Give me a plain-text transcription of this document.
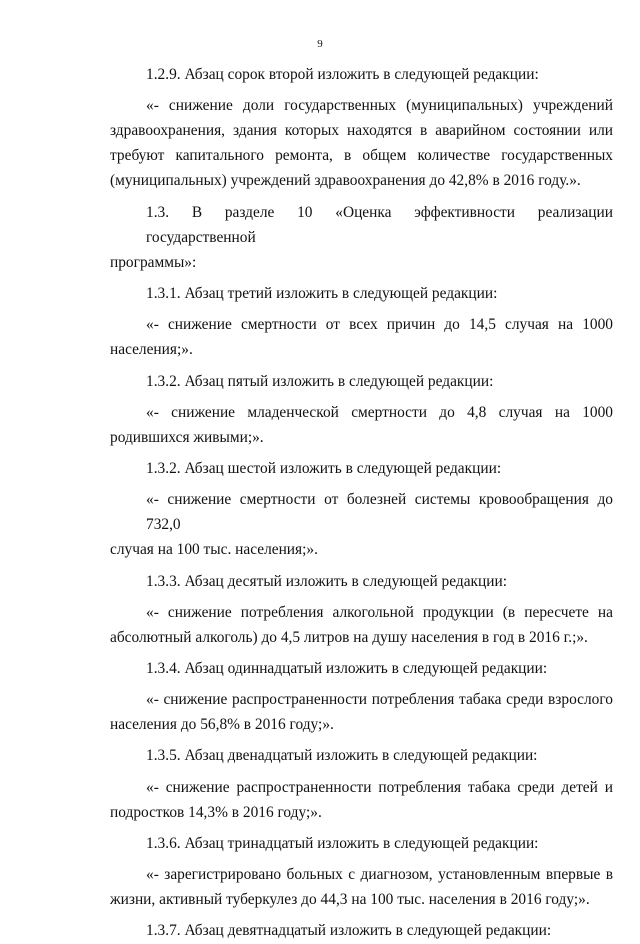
9
1.2.9. Абзац сорок второй изложить в следующей редакции:
«- снижение доли государственных (муниципальных) учреждений
здравоохранения, здания которых находятся в аварийном состоянии или
требуют капитального ремонта, в общем количестве государственных
(муниципальных) учреждений здравоохранения до 42,8% в 2016 году.».
1.3. В разделе 10 «Оценка эффективности реализации государственной
программы»:
1.3.1. Абзац третий изложить в следующей редакции:
«- снижение смертности от всех причин до 14,5 случая на 1000
населения;».
1.3.2. Абзац пятый изложить в следующей редакции:
«- снижение младенческой смертности до 4,8 случая на 1000
родившихся живыми;».
1.3.2. Абзац шестой изложить в следующей редакции:
«- снижение смертности от болезней системы кровообращения до 732,0
случая на 100 тыс. населения;».
1.3.3. Абзац десятый изложить в следующей редакции:
«- снижение потребления алкогольной продукции (в пересчете на
абсолютный алкоголь) до 4,5 литров на душу населения в год в 2016 г.;».
1.3.4. Абзац одиннадцатый изложить в следующей редакции:
«- снижение распространенности потребления табака среди взрослого
населения до 56,8% в 2016 году;».
1.3.5. Абзац двенадцатый изложить в следующей редакции:
«- снижение распространенности потребления табака среди детей и
подростков 14,3% в 2016 году;».
1.3.6. Абзац тринадцатый изложить в следующей редакции:
«- зарегистрировано больных с диагнозом, установленным впервые в
жизни, активный туберкулез до 44,3 на 100 тыс. населения в 2016 году;».
1.3.7. Абзац девятнадцатый изложить в следующей редакции:
